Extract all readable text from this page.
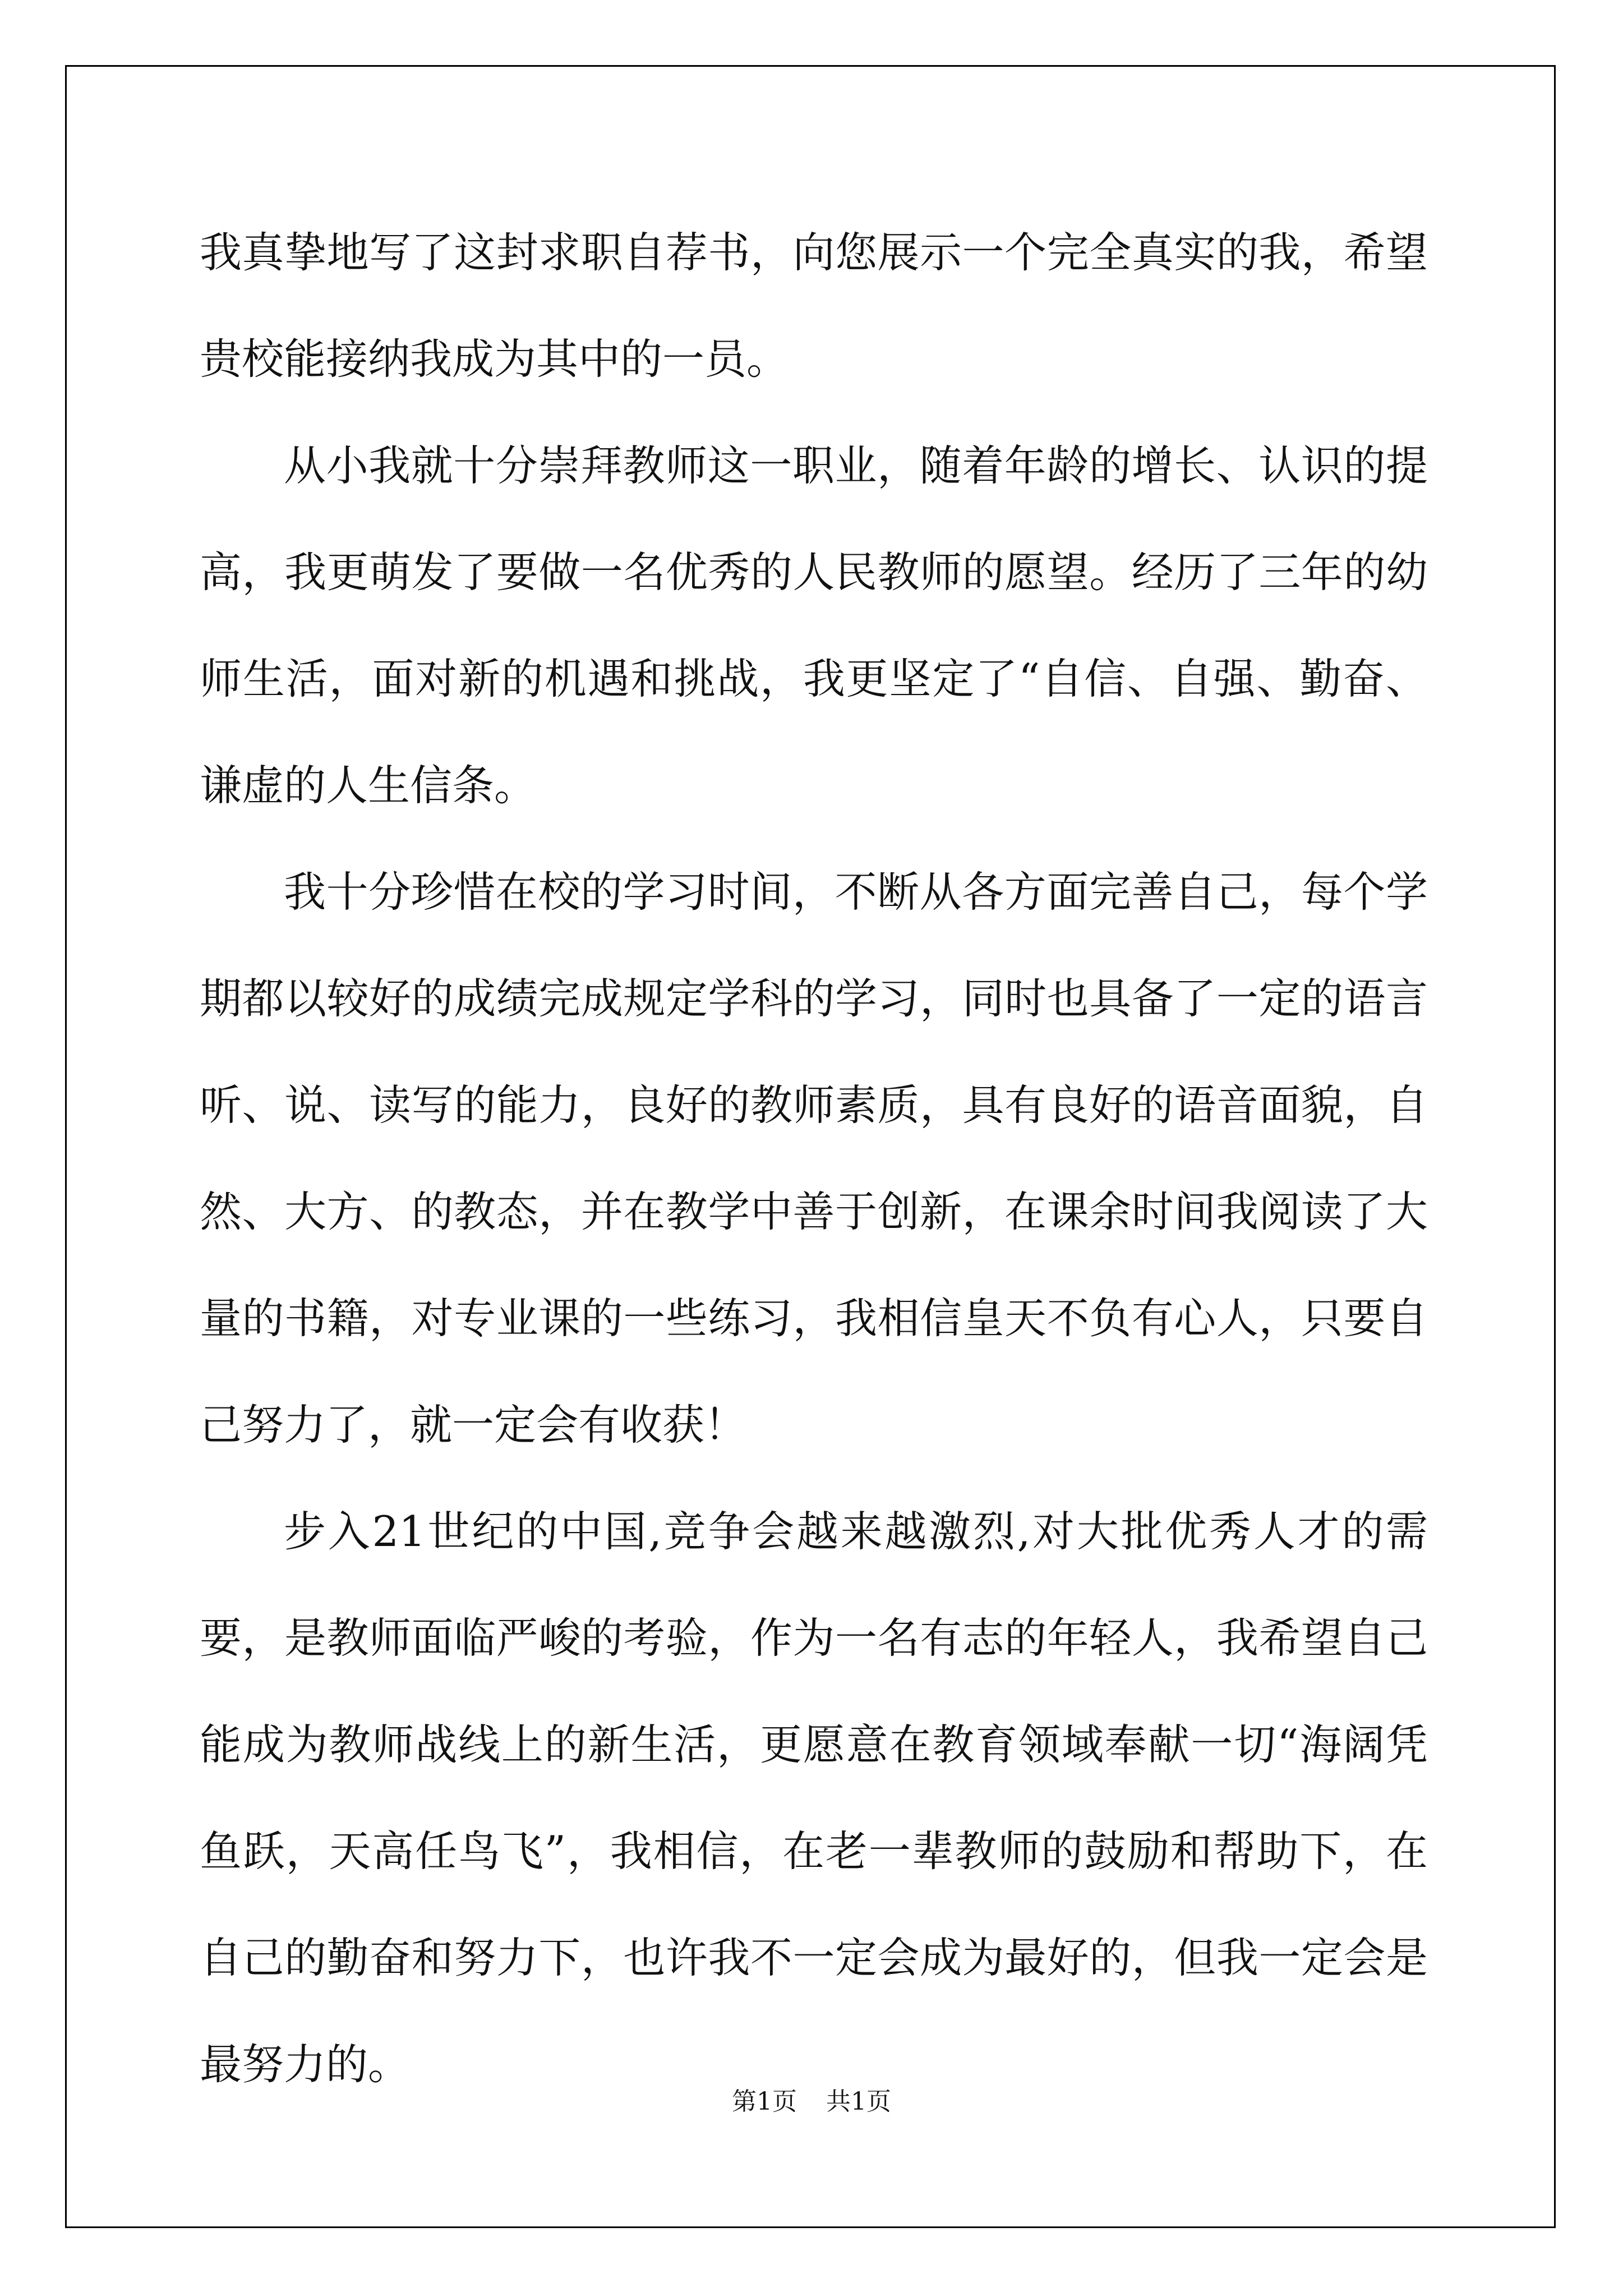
我真挚地写了这封求职自荐书，向您展示一个完全真实的我，希望贵校能接纳我成为其中的一员。

从小我就十分崇拜教师这一职业，随着年龄的增长、认识的提高，我更萌发了要做一名优秀的人民教师的愿望。经历了三年的幼师生活，面对新的机遇和挑战，我更坚定了“自信、自强、勤奋、谦虚的人生信条。

我十分珍惜在校的学习时间，不断从各方面完善自己，每个学期都以较好的成绩完成规定学科的学习，同时也具备了一定的语言听、说、读写的能力，良好的教师素质，具有良好的语音面貌，自然、大方、的教态，并在教学中善于创新，在课余时间我阅读了大量的书籍，对专业课的一些练习，我相信皇天不负有心人，只要自己努力了，就一定会有收获！

步入21世纪的中国,竞争会越来越激烈,对大批优秀人才的需要，是教师面临严峻的考验，作为一名有志的年轻人，我希望自己能成为教师战线上的新生活，更愿意在教育领域奉献一切“海阔凭鱼跃，天高任鸟飞”，我相信，在老一辈教师的鼓励和帮助下，在自己的勤奋和努力下，也许我不一定会成为最好的，但我一定会是最努力的。

第1页 共1页
